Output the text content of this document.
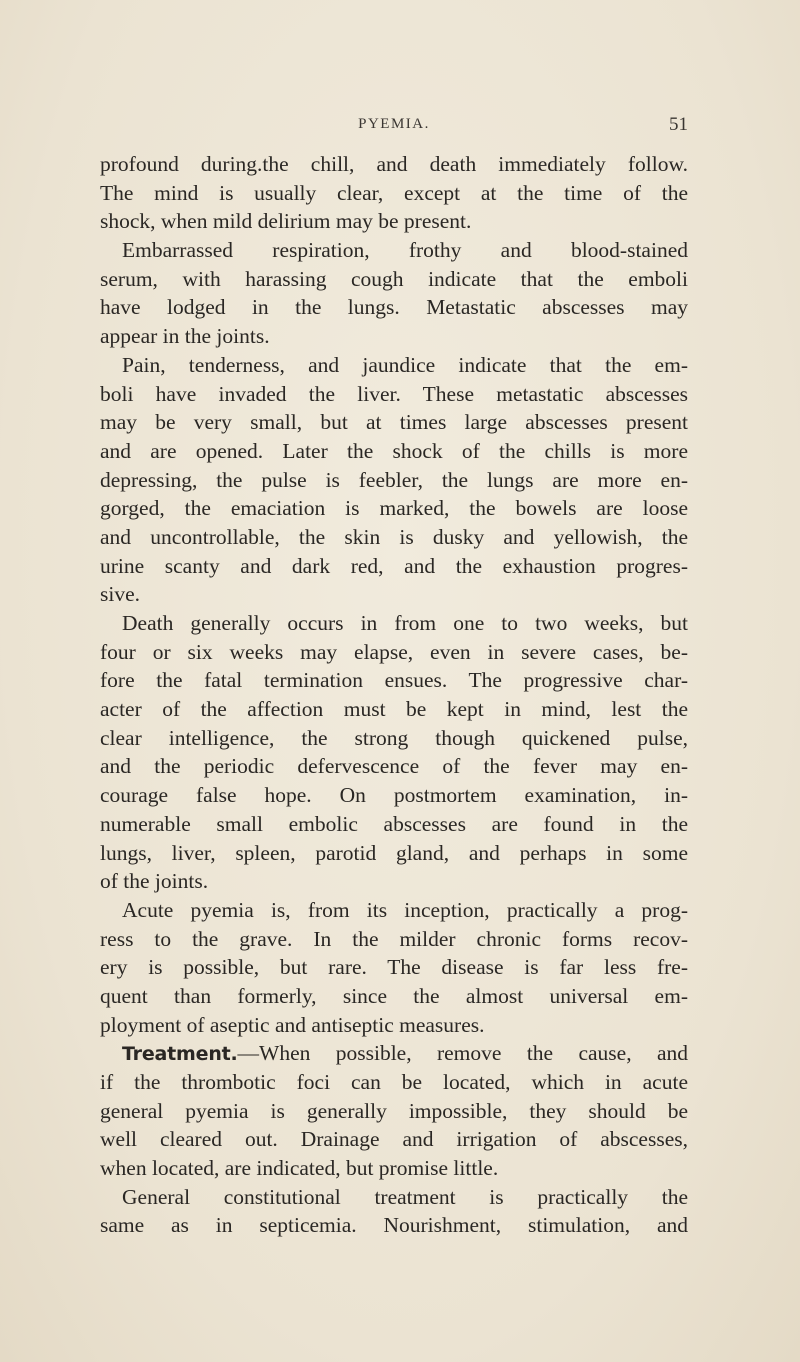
PYEMIA.	51
profound during.the chill, and death immediately follow.
The mind is usually clear, except at the time of the
shock, when mild delirium may be present.
Embarrassed respiration, frothy and blood-stained
serum, with harassing cough indicate that the emboli
have lodged in the lungs. Metastatic abscesses may
appear in the joints.
Pain, tenderness, and jaundice indicate that the em-
boli have invaded the liver. These metastatic abscesses
may be very small, but at times large abscesses present
and are opened. Later the shock of the chills is more
depressing, the pulse is feebler, the lungs are more en-
gorged, the emaciation is marked, the bowels are loose
and uncontrollable, the skin is dusky and yellowish, the
urine scanty and dark red, and the exhaustion progres-
sive.
Death generally occurs in from one to two weeks, but
four or six weeks may elapse, even in severe cases, be-
fore the fatal termination ensues. The progressive char-
acter of the affection must be kept in mind, lest the
clear intelligence, the strong though quickened pulse,
and the periodic defervescence of the fever may en-
courage false hope. On postmortem examination, in-
numerable small embolic abscesses are found in the
lungs, liver, spleen, parotid gland, and perhaps in some
of the joints.
Acute pyemia is, from its inception, practically a prog-
ress to the grave. In the milder chronic forms recov-
ery is possible, but rare. The disease is far less fre-
quent than formerly, since the almost universal em-
ployment of aseptic and antiseptic measures.
Treatment.—When possible, remove the cause, and
if the thrombotic foci can be located, which in acute
general pyemia is generally impossible, they should be
well cleared out. Drainage and irrigation of abscesses,
when located, are indicated, but promise little.
General constitutional treatment is practically the
same as in septicemia. Nourishment, stimulation, and
